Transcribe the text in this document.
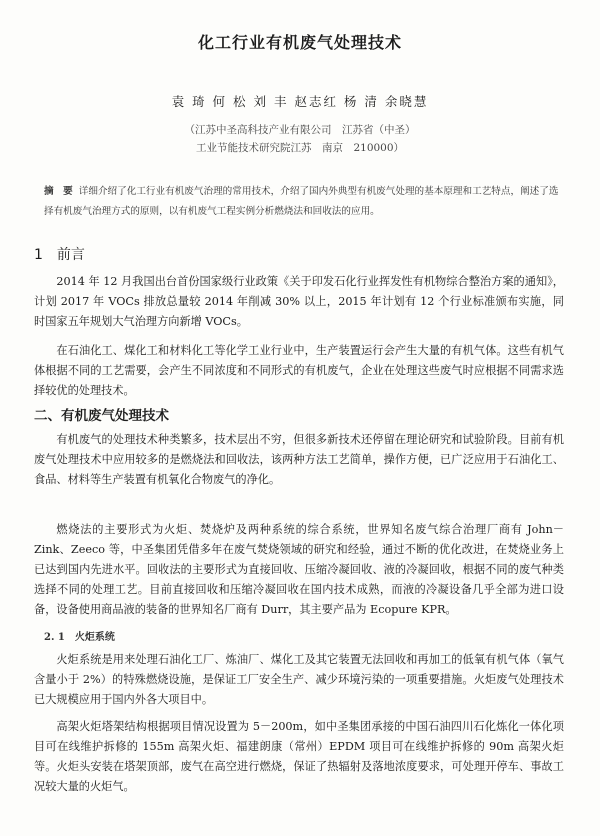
化工行业有机废气处理技术

袁 琦 何 松 刘 丰 赵志红 杨 清 余晓慧

（江苏中圣高科技产业有限公司　江苏省（中圣）

工业节能技术研究院江苏　南京　210000）

摘　要 详细介绍了化工行业有机废气治理的常用技术，介绍了国内外典型有机废气处理的基本原理和工艺特点，阐述了选择有机废气治理方式的原则，以有机废气工程实例分析燃烧法和回收法的应用。

1 前言

2014 年 12 月我国出台首份国家级行业政策《关于印发石化行业挥发性有机物综合整治方案的通知》，计划 2017 年 VOCs 排放总量较 2014 年削减 30% 以上，2015 年计划有 12 个行业标准颁布实施，同时国家五年规划大气治理方向新增 VOCs。

在石油化工、煤化工和材料化工等化学工业行业中，生产装置运行会产生大量的有机气体。这些有机气体根据不同的工艺需要，会产生不同浓度和不同形式的有机废气，企业在处理这些废气时应根据不同需求选择较优的处理技术。

二、有机废气处理技术

有机废气的处理技术种类繁多，技术层出不穷，但很多新技术还停留在理论研究和试验阶段。目前有机废气处理技术中应用较多的是燃烧法和回收法，该两种方法工艺简单，操作方便，已广泛应用于石油化工、食品、材料等生产装置有机氧化合物废气的净化。

燃烧法的主要形式为火炬、焚烧炉及两种系统的综合系统，世界知名废气综合治理厂商有 John－Zink、Zeeco 等，中圣集团凭借多年在废气焚烧领域的研究和经验，通过不断的优化改进，在焚烧业务上已达到国内先进水平。回收法的主要形式为直接回收、压缩冷凝回收、液的冷凝回收，根据不同的废气种类选择不同的处理工艺。目前直接回收和压缩冷凝回收在国内技术成熟，而液的冷凝设备几乎全部为进口设备，设备使用商品液的装备的世界知名厂商有 Durr，其主要产品为 Ecopure KPR。

2. 1　火炬系统

火炬系统是用来处理石油化工厂、炼油厂、煤化工及其它装置无法回收和再加工的低氧有机气体（氧气含量小于 2%）的特殊燃烧设施，是保证工厂安全生产、减少环境污染的一项重要措施。火炬废气处理技术已大规模应用于国内外各大项目中。

高架火炬塔架结构根据项目情况设置为 5－200m，如中圣集团承接的中国石油四川石化炼化一体化项目可在线维护拆修的 155m 高架火炬、福建朗康（常州）EPDM 项目可在线维护拆修的 90m 高架火炬等。火炬头安装在塔架顶部，废气在高空进行燃烧，保证了热辐射及落地浓度要求，可处理开停车、事故工况较大量的火炬气。
